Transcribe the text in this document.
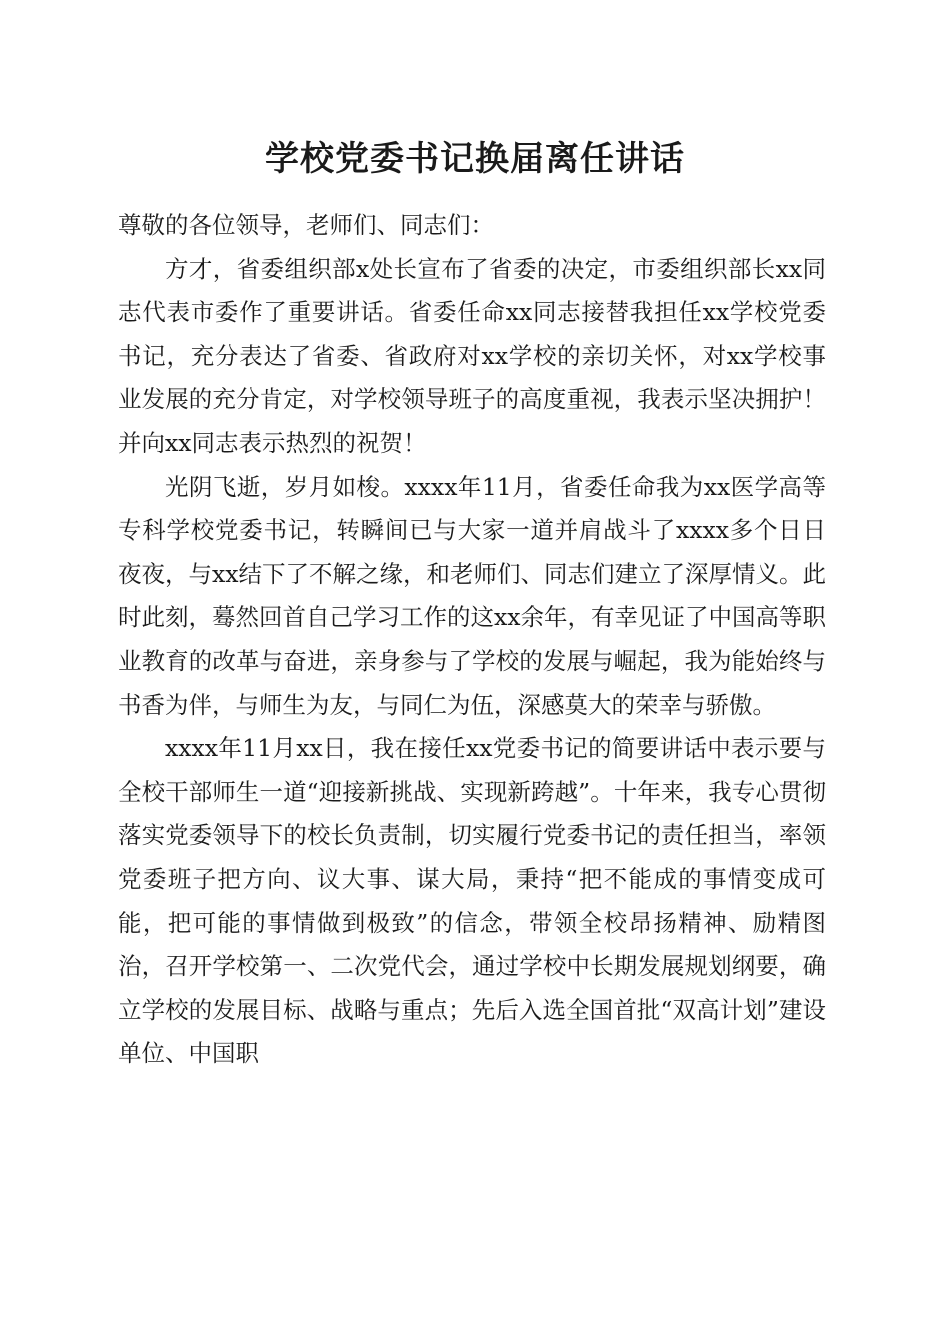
学校党委书记换届离任讲话

尊敬的各位领导，老师们、同志们：

方才，省委组织部x处长宣布了省委的决定，市委组织部长xx同志代表市委作了重要讲话。省委任命xx同志接替我担任xx学校党委书记，充分表达了省委、省政府对xx学校的亲切关怀，对xx学校事业发展的充分肯定，对学校领导班子的高度重视，我表示坚决拥护！并向xx同志表示热烈的祝贺！

光阴飞逝，岁月如梭。xxxx年11月，省委任命我为xx医学高等专科学校党委书记，转瞬间已与大家一道并肩战斗了xxxx多个日日夜夜，与xx结下了不解之缘，和老师们、同志们建立了深厚情义。此时此刻，蓦然回首自己学习工作的这xx余年，有幸见证了中国高等职业教育的改革与奋进，亲身参与了学校的发展与崛起，我为能始终与书香为伴，与师生为友，与同仁为伍，深感莫大的荣幸与骄傲。

xxxx年11月xx日，我在接任xx党委书记的简要讲话中表示要与全校干部师生一道“迎接新挑战、实现新跨越”。十年来，我专心贯彻落实党委领导下的校长负责制，切实履行党委书记的责任担当，率领党委班子把方向、议大事、谋大局，秉持“把不能成的事情变成可能，把可能的事情做到极致”的信念，带领全校昂扬精神、励精图治，召开学校第一、二次党代会，通过学校中长期发展规划纲要，确立学校的发展目标、战略与重点；先后入选全国首批“双高计划”建设单位、中国职
